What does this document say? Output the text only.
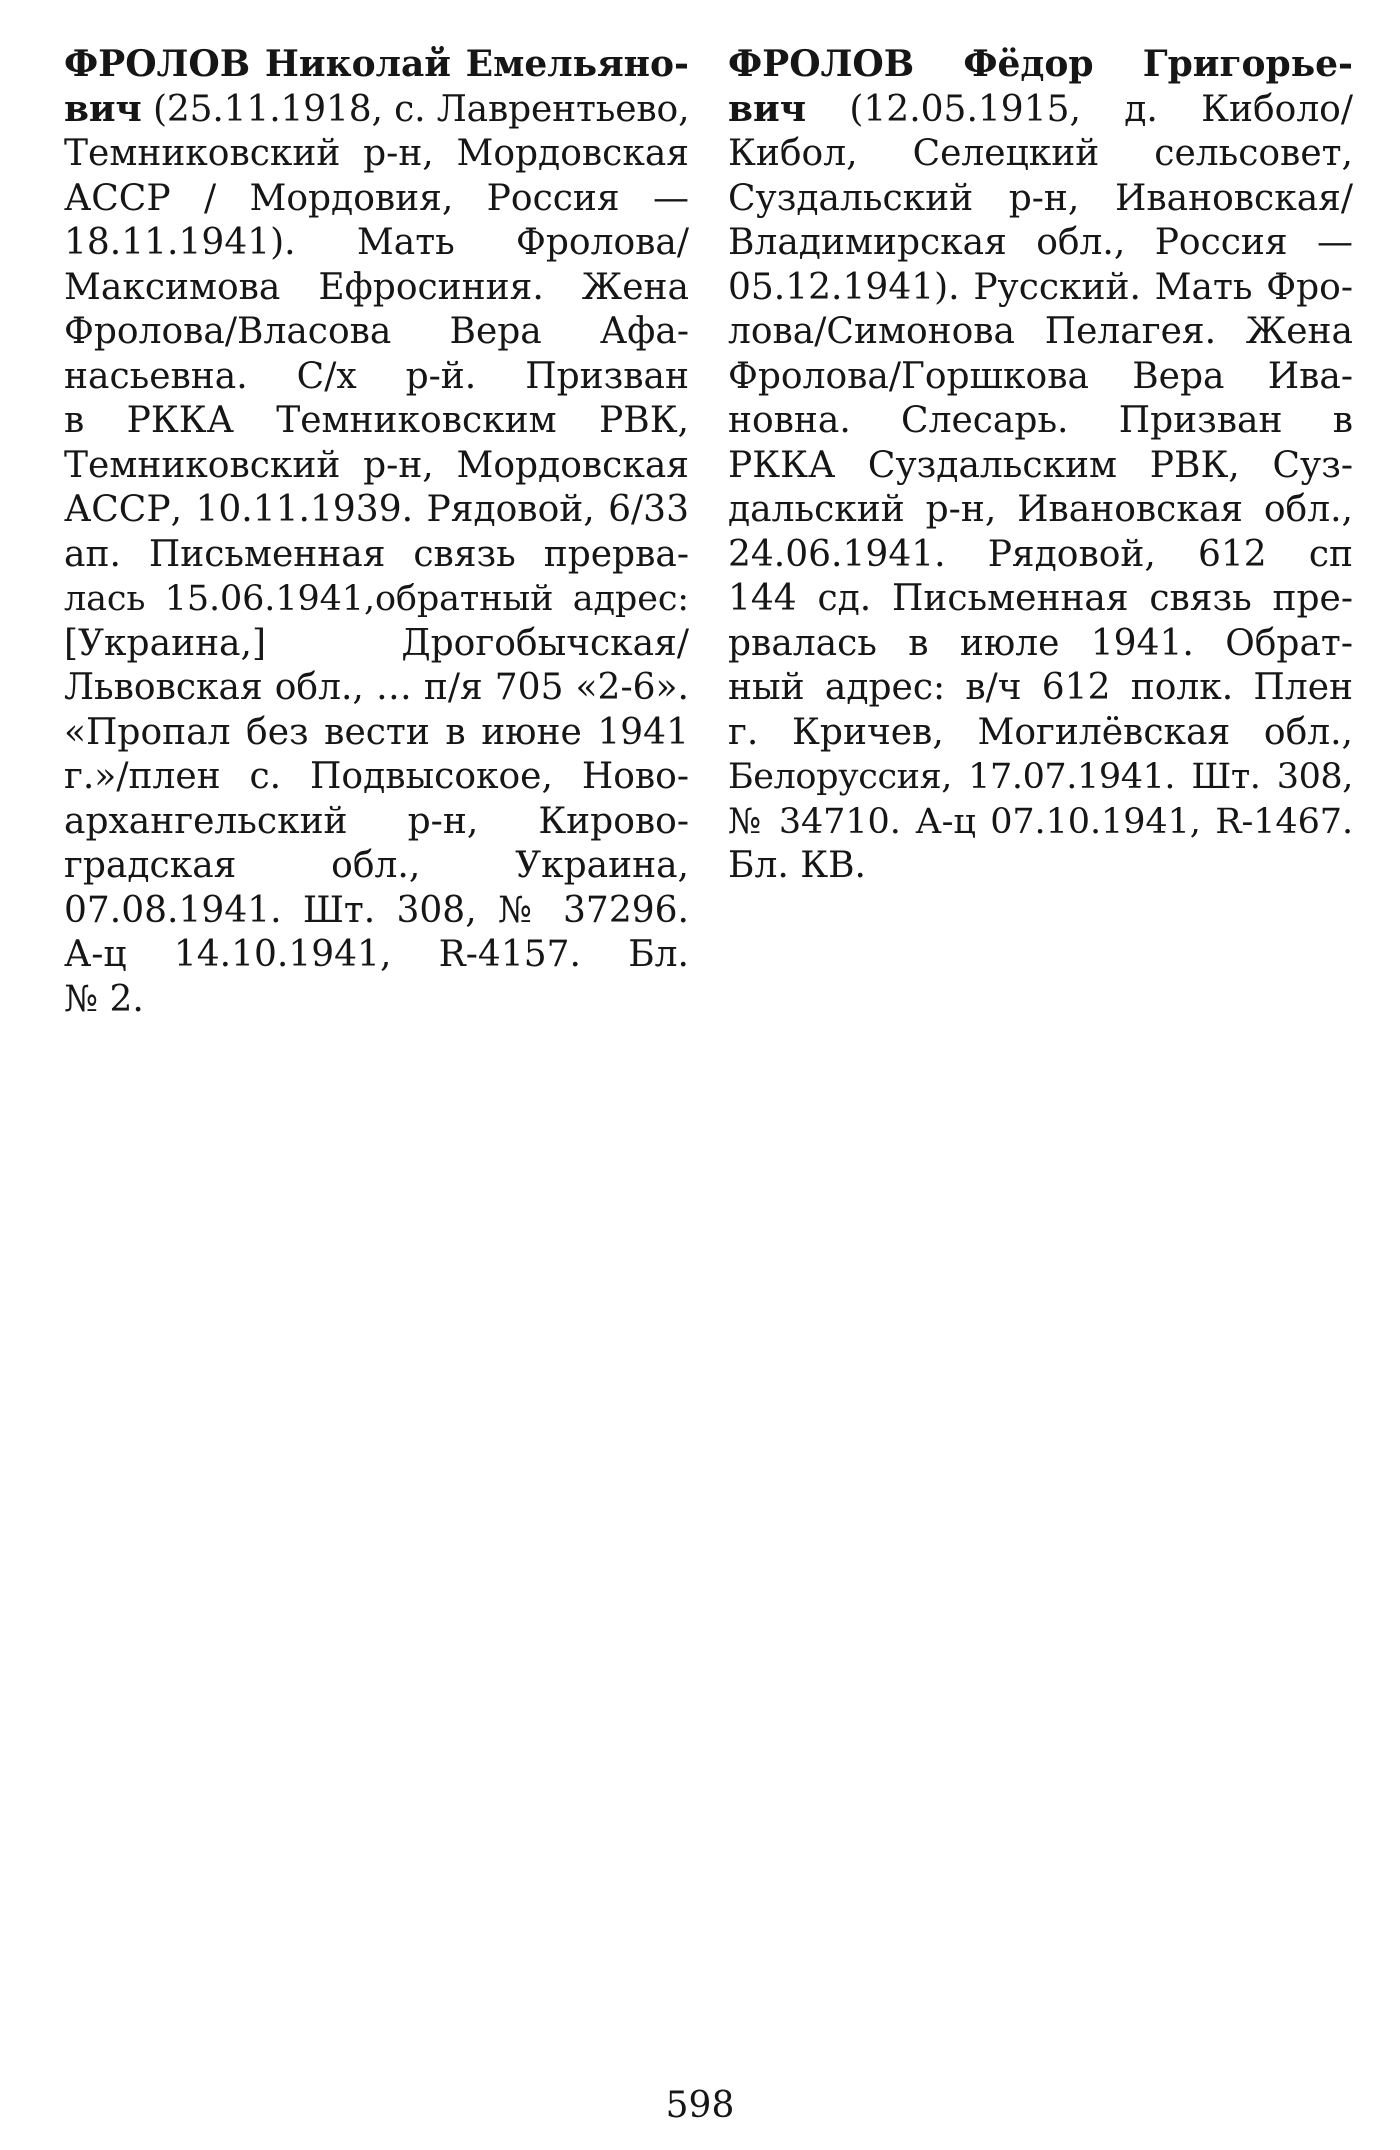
ФРОЛОВ Николай Емельяно-
вич (25.11.1918, с. Лаврентьево,
Темниковский р-н, Мордовская
АССР / Мордовия, Россия —
18.11.1941). Мать Фролова/
Максимова Ефросиния. Жена
Фролова/Власова Вера Афа-
насьевна. С/х р-й. Призван
в РККА Темниковским РВК,
Темниковский р-н, Мордовская
АССР, 10.11.1939. Рядовой, 6/33
ап. Письменная связь прерва-
лась 15.06.1941,обратный адрес:
[Украина,] Дрогобычская/
Львовская обл., … п/я 705 «2-6».
«Пропал без вести в июне 1941
г.»/плен с. Подвысокое, Ново-
архангельский р-н, Кирово-
градская обл., Украина,
07.08.1941. Шт. 308, № 37296.
А-ц 14.10.1941, R-4157. Бл.
№ 2.

ФРОЛОВ Фёдор Григорье-
вич (12.05.1915, д. Киболо/
Кибол, Селецкий сельсовет,
Суздальский р-н, Ивановская/
Владимирская обл., Россия —
05.12.1941). Русский. Мать Фро-
лова/Симонова Пелагея. Жена
Фролова/Горшкова Вера Ива-
новна. Слесарь. Призван в
РККА Суздальским РВК, Суз-
дальский р-н, Ивановская обл.,
24.06.1941. Рядовой, 612 сп
144 сд. Письменная связь пре-
рвалась в июле 1941. Обрат-
ный адрес: в/ч 612 полк. Плен
г. Кричев, Могилёвская обл.,
Белоруссия, 17.07.1941. Шт. 308,
№ 34710. А-ц 07.10.1941, R-1467.
Бл. КВ.

598
